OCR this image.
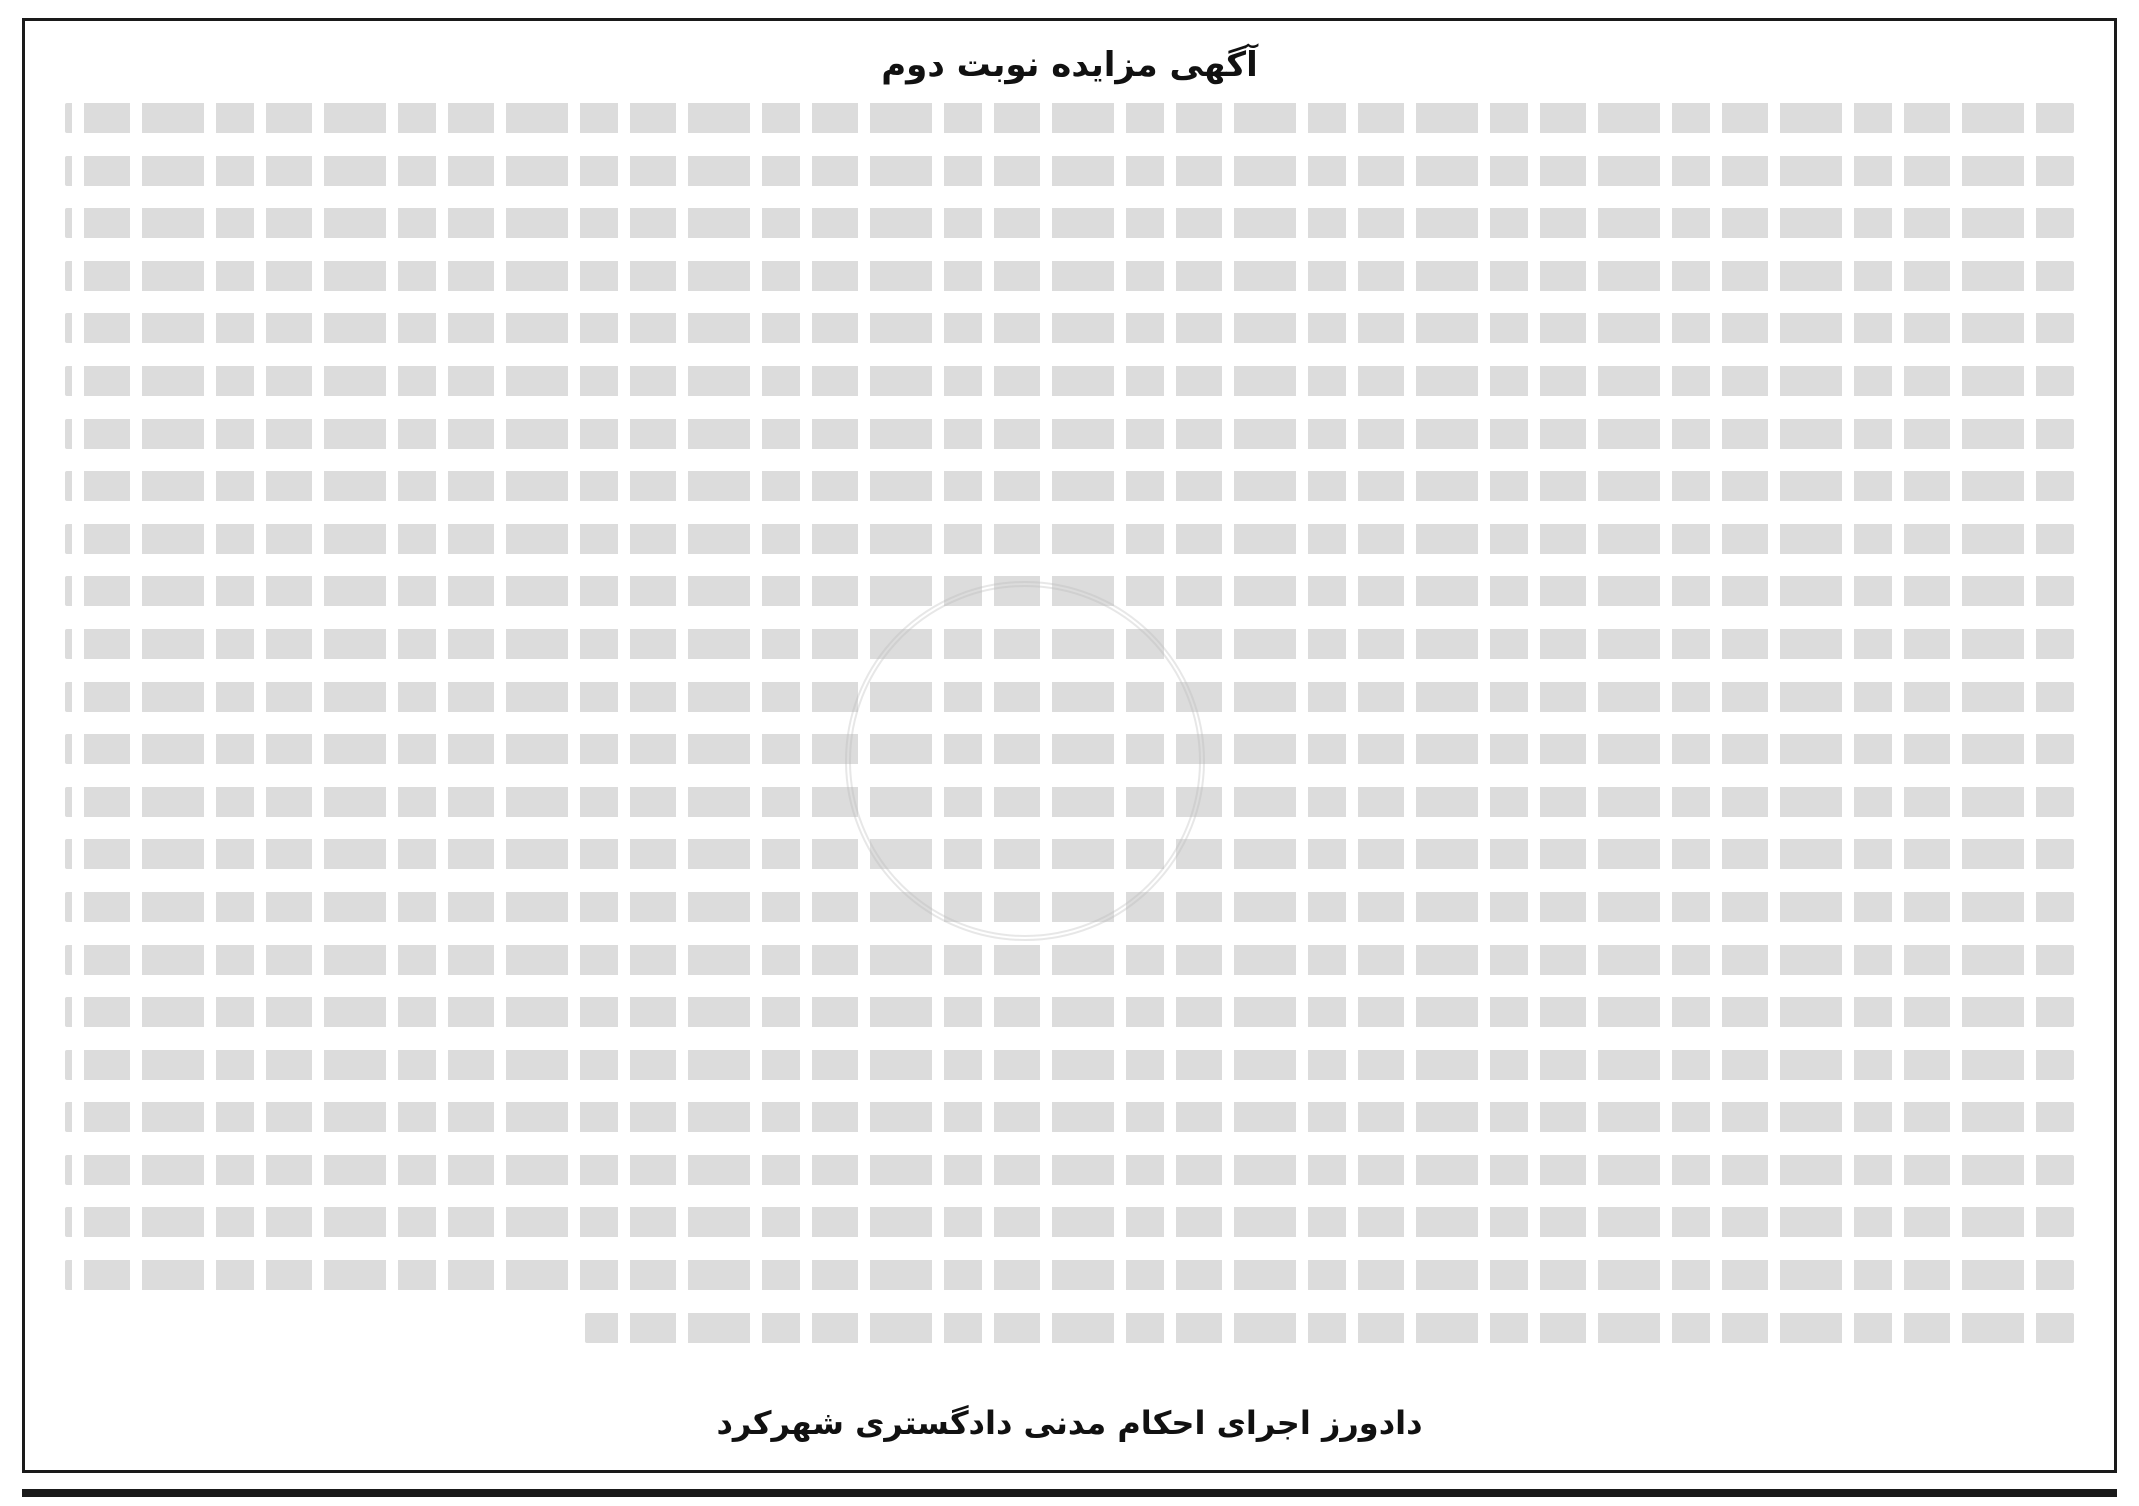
آگهی مزایده نوبت دوم

دادورز اجرای احکام مدنی دادگستری شهرکرد
